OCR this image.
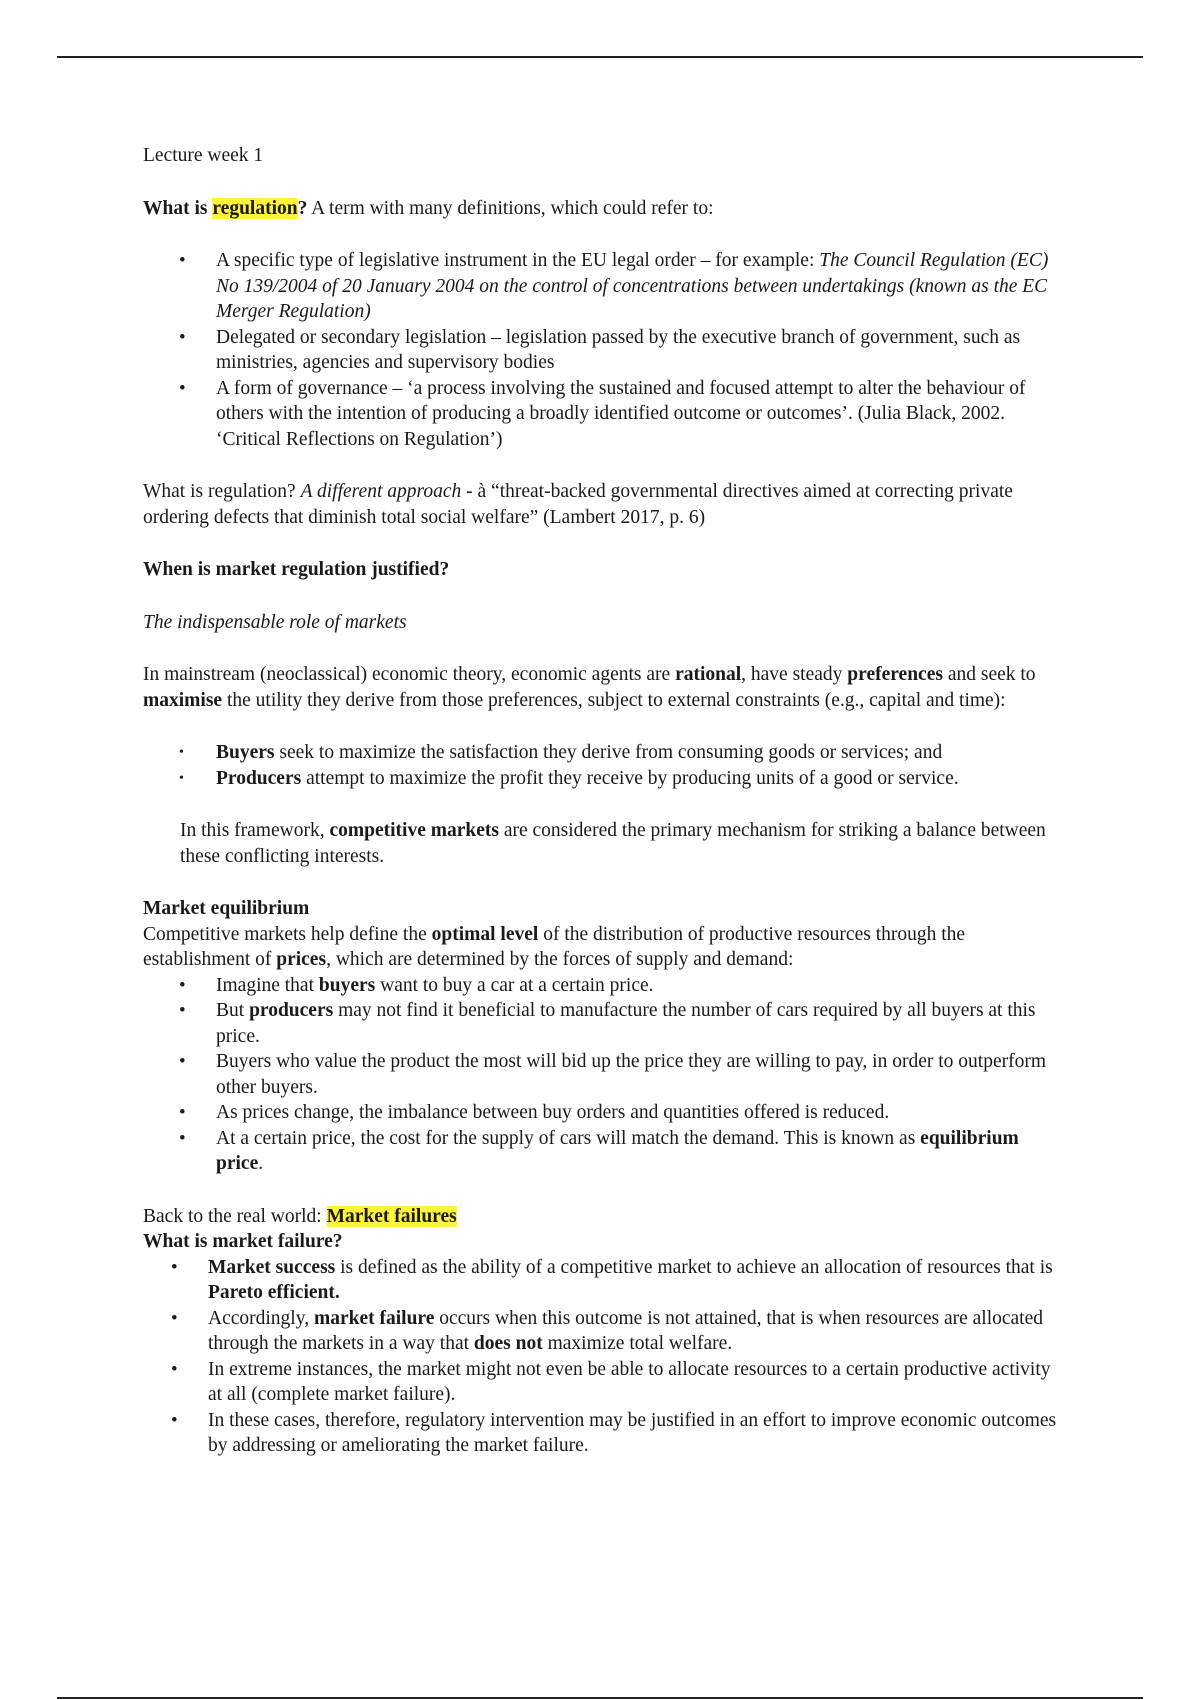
Lecture week 1

What is regulation? A term with many definitions, which could refer to:

• A specific type of legislative instrument in the EU legal order – for example: The Council Regulation (EC) No 139/2004 of 20 January 2004 on the control of concentrations between undertakings (known as the EC Merger Regulation)
• Delegated or secondary legislation – legislation passed by the executive branch of government, such as ministries, agencies and supervisory bodies
• A form of governance – ‘a process involving the sustained and focused attempt to alter the behaviour of others with the intention of producing a broadly identified outcome or outcomes’. (Julia Black, 2002. ‘Critical Reflections on Regulation’)

What is regulation? A different approach - à “threat-backed governmental directives aimed at correcting private ordering defects that diminish total social welfare” (Lambert 2017, p. 6)

When is market regulation justified?

The indispensable role of markets

In mainstream (neoclassical) economic theory, economic agents are rational, have steady preferences and seek to maximise the utility they derive from those preferences, subject to external constraints (e.g., capital and time):

• Buyers seek to maximize the satisfaction they derive from consuming goods or services; and
• Producers attempt to maximize the profit they receive by producing units of a good or service.

In this framework, competitive markets are considered the primary mechanism for striking a balance between these conflicting interests.

Market equilibrium

Competitive markets help define the optimal level of the distribution of productive resources through the establishment of prices, which are determined by the forces of supply and demand:

• Imagine that buyers want to buy a car at a certain price.
• But producers may not find it beneficial to manufacture the number of cars required by all buyers at this price.
• Buyers who value the product the most will bid up the price they are willing to pay, in order to outperform other buyers.
• As prices change, the imbalance between buy orders and quantities offered is reduced.
• At a certain price, the cost for the supply of cars will match the demand. This is known as equilibrium price.

Back to the real world: Market failures

What is market failure?

• Market success is defined as the ability of a competitive market to achieve an allocation of resources that is Pareto efficient.
• Accordingly, market failure occurs when this outcome is not attained, that is when resources are allocated through the markets in a way that does not maximize total welfare.
• In extreme instances, the market might not even be able to allocate resources to a certain productive activity at all (complete market failure).
• In these cases, therefore, regulatory intervention may be justified in an effort to improve economic outcomes by addressing or ameliorating the market failure.
